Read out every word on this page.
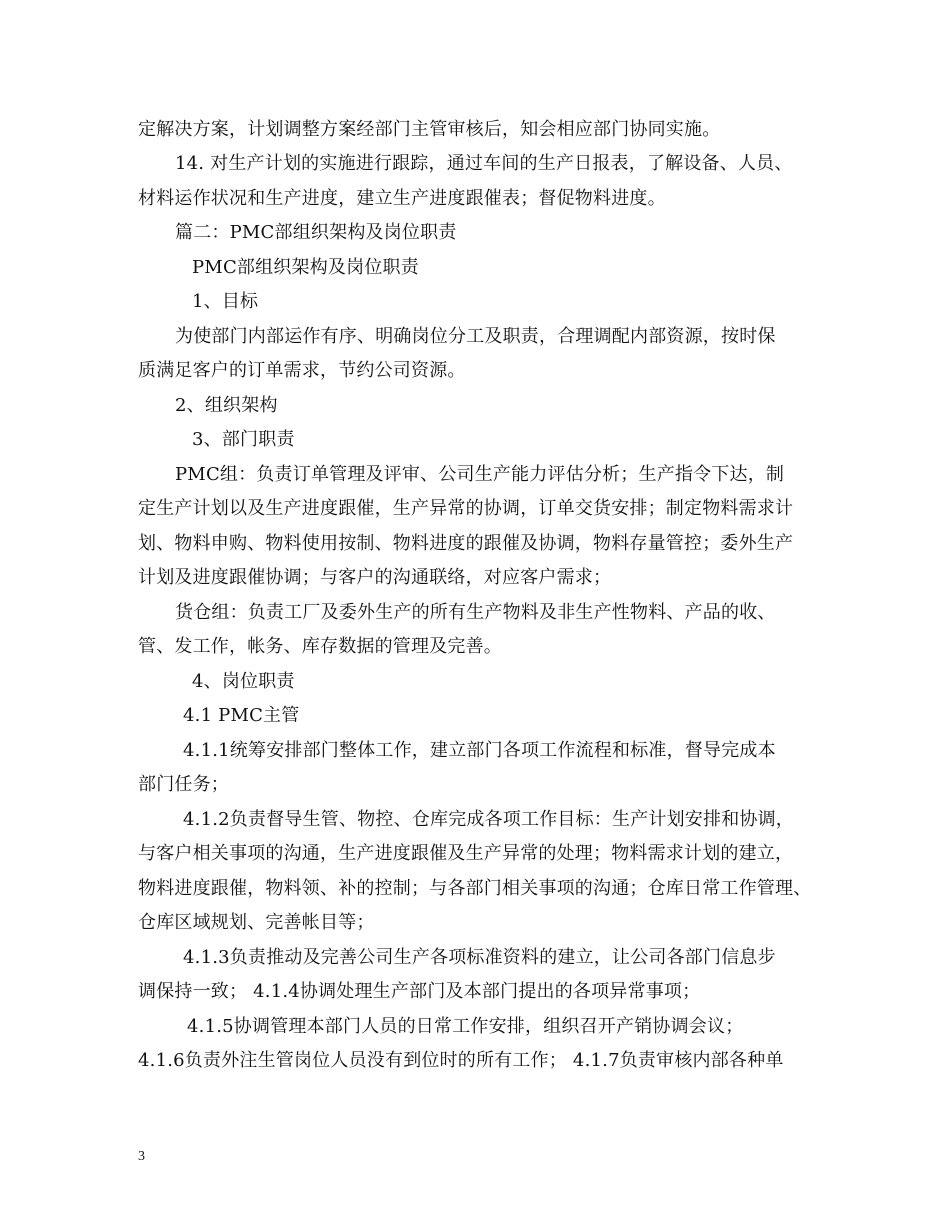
定解决方案，计划调整方案经部门主管审核后，知会相应部门协同实施。
14. 对生产计划的实施进行跟踪，通过车间的生产日报表，了解设备、人员、
材料运作状况和生产进度，建立生产进度跟催表；督促物料进度。
篇二：PMC部组织架构及岗位职责
PMC部组织架构及岗位职责
1、目标
为使部门内部运作有序、明确岗位分工及职责，合理调配内部资源，按时保
质满足客户的订单需求，节约公司资源。
2、组织架构
3、部门职责
PMC组：负责订单管理及评审、公司生产能力评估分析；生产指令下达，制
定生产计划以及生产进度跟催，生产异常的协调，订单交货安排；制定物料需求计
划、物料申购、物料使用按制、物料进度的跟催及协调，物料存量管控；委外生产
计划及进度跟催协调；与客户的沟通联络，对应客户需求；
货仓组：负责工厂及委外生产的所有生产物料及非生产性物料、产品的收、
管、发工作，帐务、库存数据的管理及完善。
4、岗位职责
4.1 PMC主管
4.1.1统筹安排部门整体工作，建立部门各项工作流程和标准，督导完成本
部门任务；
4.1.2负责督导生管、物控、仓库完成各项工作目标：生产计划安排和协调，
与客户相关事项的沟通，生产进度跟催及生产异常的处理；物料需求计划的建立，
物料进度跟催，物料领、补的控制；与各部门相关事项的沟通；仓库日常工作管理、
仓库区域规划、完善帐目等；
4.1.3负责推动及完善公司生产各项标准资料的建立，让公司各部门信息步
调保持一致； 4.1.4协调处理生产部门及本部门提出的各项异常事项；
4.1.5协调管理本部门人员的日常工作安排，组织召开产销协调会议；
4.1.6负责外注生管岗位人员没有到位时的所有工作； 4.1.7负责审核内部各种单
3
